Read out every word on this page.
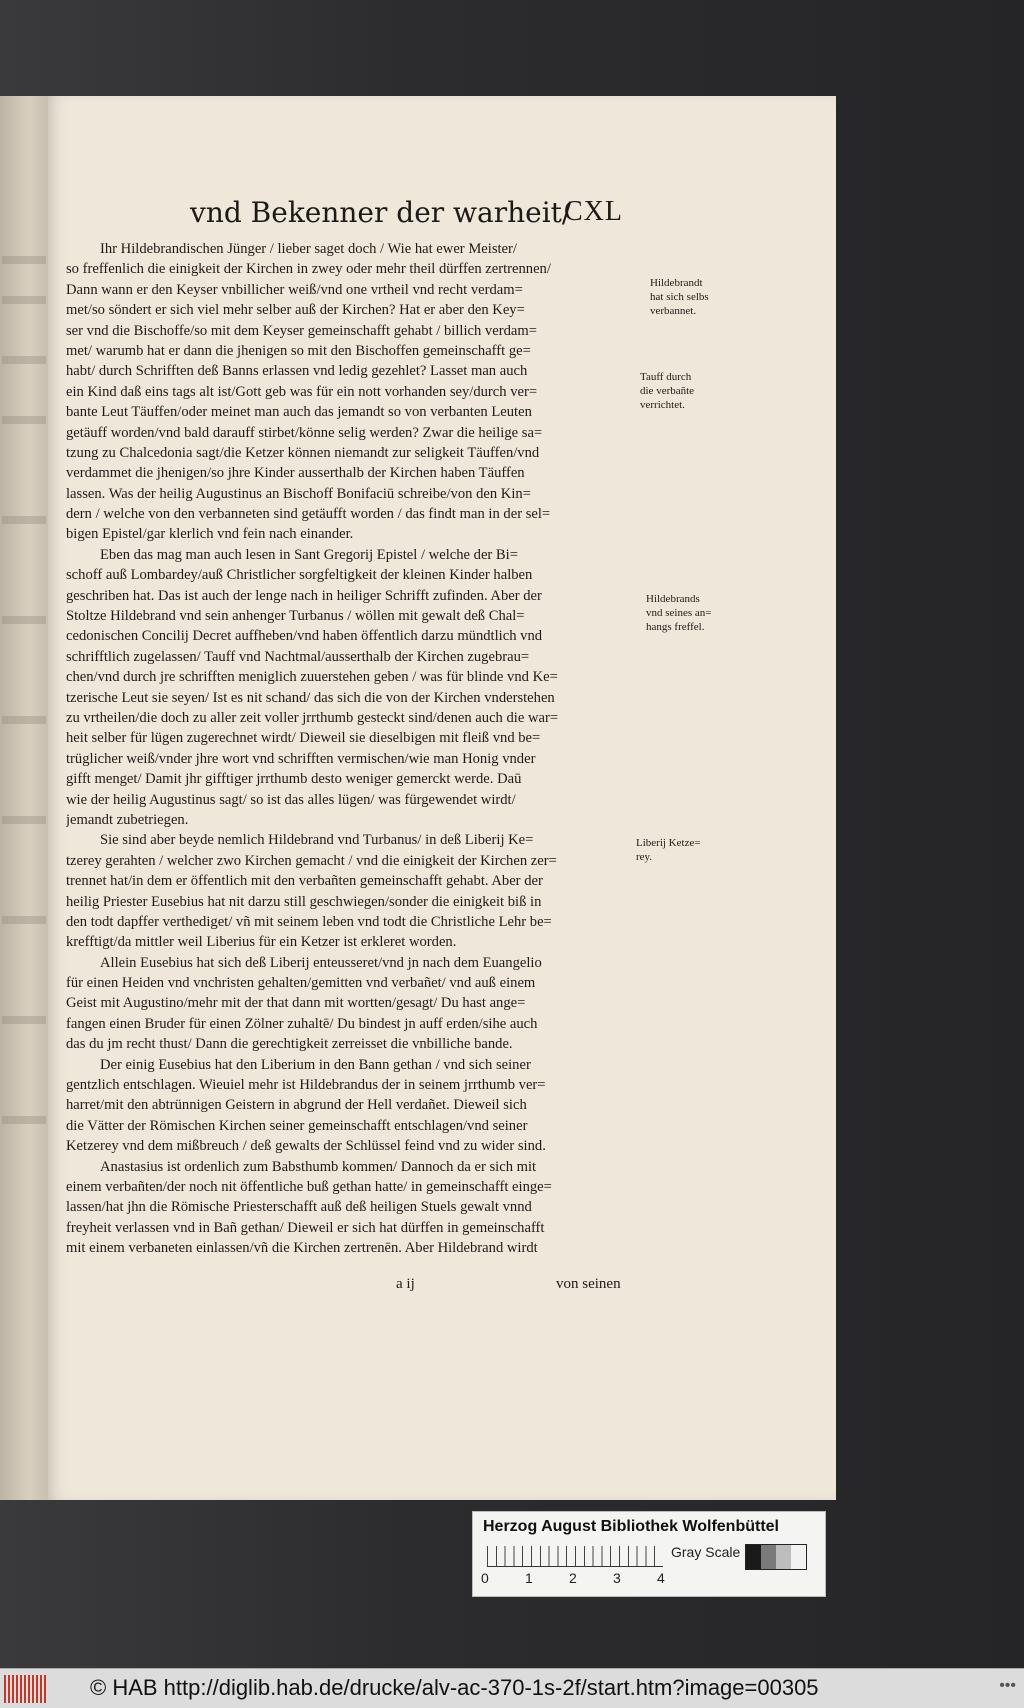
vnd Bekenner der warheit/
CXL
Ihr Hildebrandischen Jünger / lieber saget doch / Wie hat ewer Meister/
so freffenlich die einigkeit der Kirchen in zwey oder mehr theil dürffen zertrennen/
Dann wann er den Keyser vnbillicher weiß/vnd one vrtheil vnd recht verdam=
met/so söndert er sich viel mehr selber auß der Kirchen? Hat er aber den Key=
ser vnd die Bischoffe/so mit dem Keyser gemeinschafft gehabt / billich verdam=
met/ warumb hat er dann die jhenigen so mit den Bischoffen gemeinschafft ge=
habt/ durch Schrifften deß Banns erlassen vnd ledig gezehlet? Lasset man auch
ein Kind daß eins tags alt ist/Gott geb was für ein nott vorhanden sey/durch ver=
bante Leut Täuffen/oder meinet man auch das jemandt so von verbanten Leuten
getäuff worden/vnd bald darauff stirbet/könne selig werden? Zwar die heilige sa=
tzung zu Chalcedonia sagt/die Ketzer können niemandt zur seligkeit Täuffen/vnd
verdammet die jhenigen/so jhre Kinder ausserthalb der Kirchen haben Täuffen
lassen. Was der heilig Augustinus an Bischoff Bonifaciū schreibe/von den Kin=
dern / welche von den verbanneten sind getäufft worden / das findt man in der sel=
bigen Epistel/gar klerlich vnd fein nach einander.
Eben das mag man auch lesen in Sant Gregorij Epistel / welche der Bi=
schoff auß Lombardey/auß Christlicher sorgfeltigkeit der kleinen Kinder halben
geschriben hat. Das ist auch der lenge nach in heiliger Schrifft zufinden. Aber der
Stoltze Hildebrand vnd sein anhenger Turbanus / wöllen mit gewalt deß Chal=
cedonischen Concilij Decret auffheben/vnd haben öffentlich darzu mündtlich vnd
schrifftlich zugelassen/ Tauff vnd Nachtmal/ausserthalb der Kirchen zugebrau=
chen/vnd durch jre schrifften meniglich zuuerstehen geben / was für blinde vnd Ke=
tzerische Leut sie seyen/ Ist es nit schand/ das sich die von der Kirchen vnderstehen
zu vrtheilen/die doch zu aller zeit voller jrrthumb gesteckt sind/denen auch die war=
heit selber für lügen zugerechnet wirdt/ Dieweil sie dieselbigen mit fleiß vnd be=
trüglicher weiß/vnder jhre wort vnd schrifften vermischen/wie man Honig vnder
gifft menget/ Damit jhr gifftiger jrrthumb desto weniger gemerckt werde. Daū
wie der heilig Augustinus sagt/ so ist das alles lügen/ was fürgewendet wirdt/
jemandt zubetriegen.
Sie sind aber beyde nemlich Hildebrand vnd Turbanus/ in deß Liberij Ke=
tzerey gerahten / welcher zwo Kirchen gemacht / vnd die einigkeit der Kirchen zer=
trennet hat/in dem er öffentlich mit den verbañten gemeinschafft gehabt. Aber der
heilig Priester Eusebius hat nit darzu still geschwiegen/sonder die einigkeit biß in
den todt dapffer verthediget/ vñ mit seinem leben vnd todt die Christliche Lehr be=
krefftigt/da mittler weil Liberius für ein Ketzer ist erkleret worden.
Allein Eusebius hat sich deß Liberij enteusseret/vnd jn nach dem Euangelio
für einen Heiden vnd vnchristen gehalten/gemitten vnd verbañet/ vnd auß einem
Geist mit Augustino/mehr mit der that dann mit wortten/gesagt/ Du hast ange=
fangen einen Bruder für einen Zölner zuhaltē/ Du bindest jn auff erden/sihe auch
das du jm recht thust/ Dann die gerechtigkeit zerreisset die vnbilliche bande.
Der einig Eusebius hat den Liberium in den Bann gethan / vnd sich seiner
gentzlich entschlagen. Wieuiel mehr ist Hildebrandus der in seinem jrrthumb ver=
harret/mit den abtrünnigen Geistern in abgrund der Hell verdañet. Dieweil sich
die Vätter der Römischen Kirchen seiner gemeinschafft entschlagen/vnd seiner
Ketzerey vnd dem mißbreuch / deß gewalts der Schlüssel feind vnd zu wider sind.
Anastasius ist ordenlich zum Babsthumb kommen/ Dannoch da er sich mit
einem verbañten/der noch nit öffentliche buß gethan hatte/ in gemeinschafft einge=
lassen/hat jhn die Römische Priesterschafft auß deß heiligen Stuels gewalt vnnd
freyheit verlassen vnd in Bañ gethan/ Dieweil er sich hat dürffen in gemeinschafft
mit einem verbaneten einlassen/vñ die Kirchen zertrenēn. Aber Hildebrand wirdt
Hildebrandt
hat sich selbs
verbannet.
Tauff durch
die verbañte
verrichtet.
Hildebrands
vnd seines an=
hangs freffel.
Liberij Ketze=
rey.
a ij	von seinen
Herzog August Bibliothek Wolfenbüttel
0	1	2	3	4
Gray Scale
© HAB http://diglib.hab.de/drucke/alv-ac-370-1s-2f/start.htm?image=00305	•••
